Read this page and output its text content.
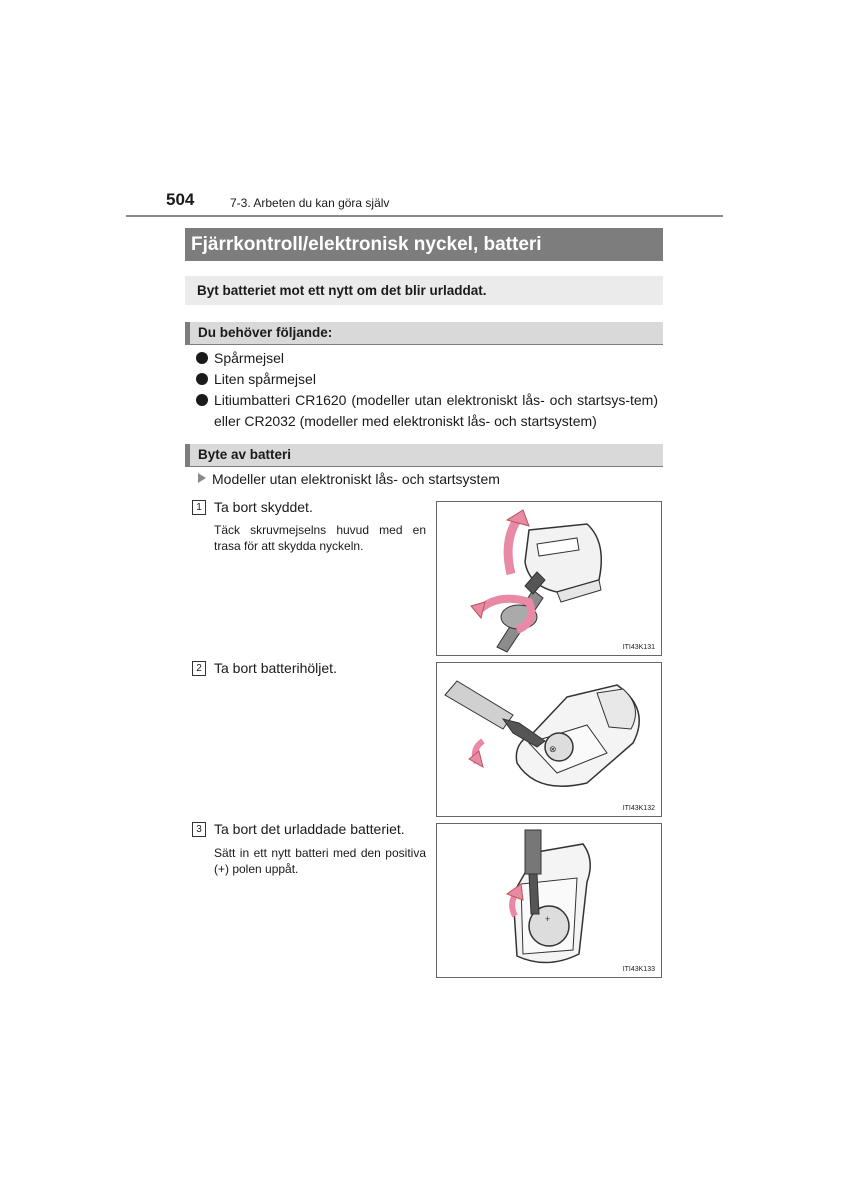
504	7-3. Arbeten du kan göra själv
Fjärrkontroll/elektronisk nyckel, batteri
Byt batteriet mot ett nytt om det blir urladdat.
Du behöver följande:
Spårmejsel
Liten spårmejsel
Litiumbatteri CR1620 (modeller utan elektroniskt lås- och startsys-tem) eller CR2032 (modeller med elektroniskt lås- och startsystem)
Byte av batteri
Modeller utan elektroniskt lås- och startsystem
1 Ta bort skyddet.
Täck skruvmejselns huvud med en trasa för att skydda nyckeln.
ITI43K131
2 Ta bort batterihöljet.
⊗
ITI43K132
3 Ta bort det urladdade batteriet.
Sätt in ett nytt batteri med den positiva (+) polen uppåt.
+
ITI43K133
